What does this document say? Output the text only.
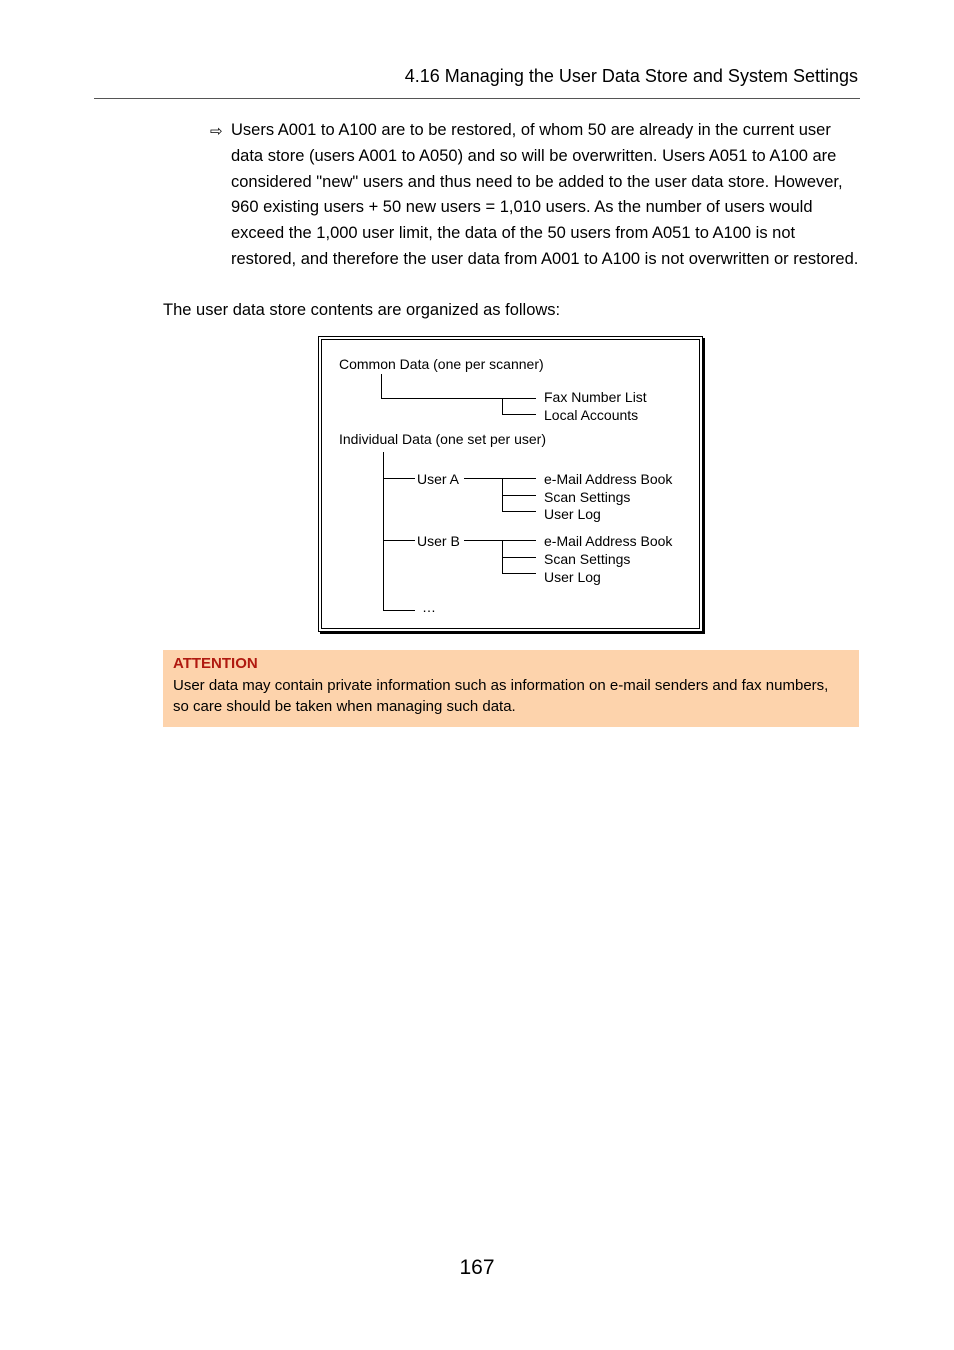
4.16 Managing the User Data Store and System Settings
⇨ Users A001 to A100 are to be restored, of whom 50 are already in the current user data store (users A001 to A050) and so will be overwritten. Users A051 to A100 are considered "new" users and thus need to be added to the user data store. However, 960 existing users + 50 new users = 1,010 users. As the number of users would exceed the 1,000 user limit, the data of the 50 users from A051 to A100 is not restored, and therefore the user data from A001 to A100 is not overwritten or restored.

The user data store contents are organized as follows:

Common Data (one per scanner)
Fax Number List
Local Accounts
Individual Data (one set per user)
User A	e-Mail Address Book
Scan Settings
User Log
User B	e-Mail Address Book
Scan Settings
User Log
…
ATTENTION

User data may contain private information such as information on e-mail senders and fax numbers, so care should be taken when managing such data.

167
